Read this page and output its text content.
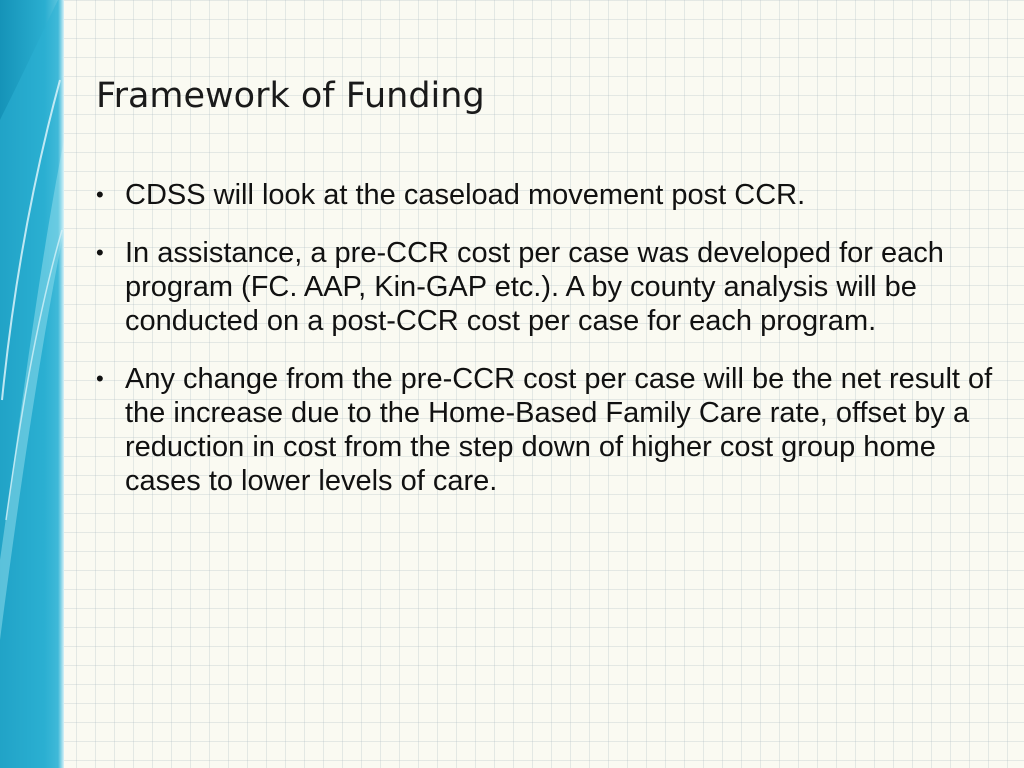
Framework of Funding
• CDSS will look at the caseload movement post CCR.
• In assistance, a pre-CCR cost per case was developed for each program (FC. AAP, Kin-GAP etc.). A by county analysis will be conducted on a post-CCR cost per case for each program.
• Any change from the pre-CCR cost per case will be the net result of the increase due to the Home-Based Family Care rate, offset by a reduction in cost from the step down of higher cost group home cases to lower levels of care.
